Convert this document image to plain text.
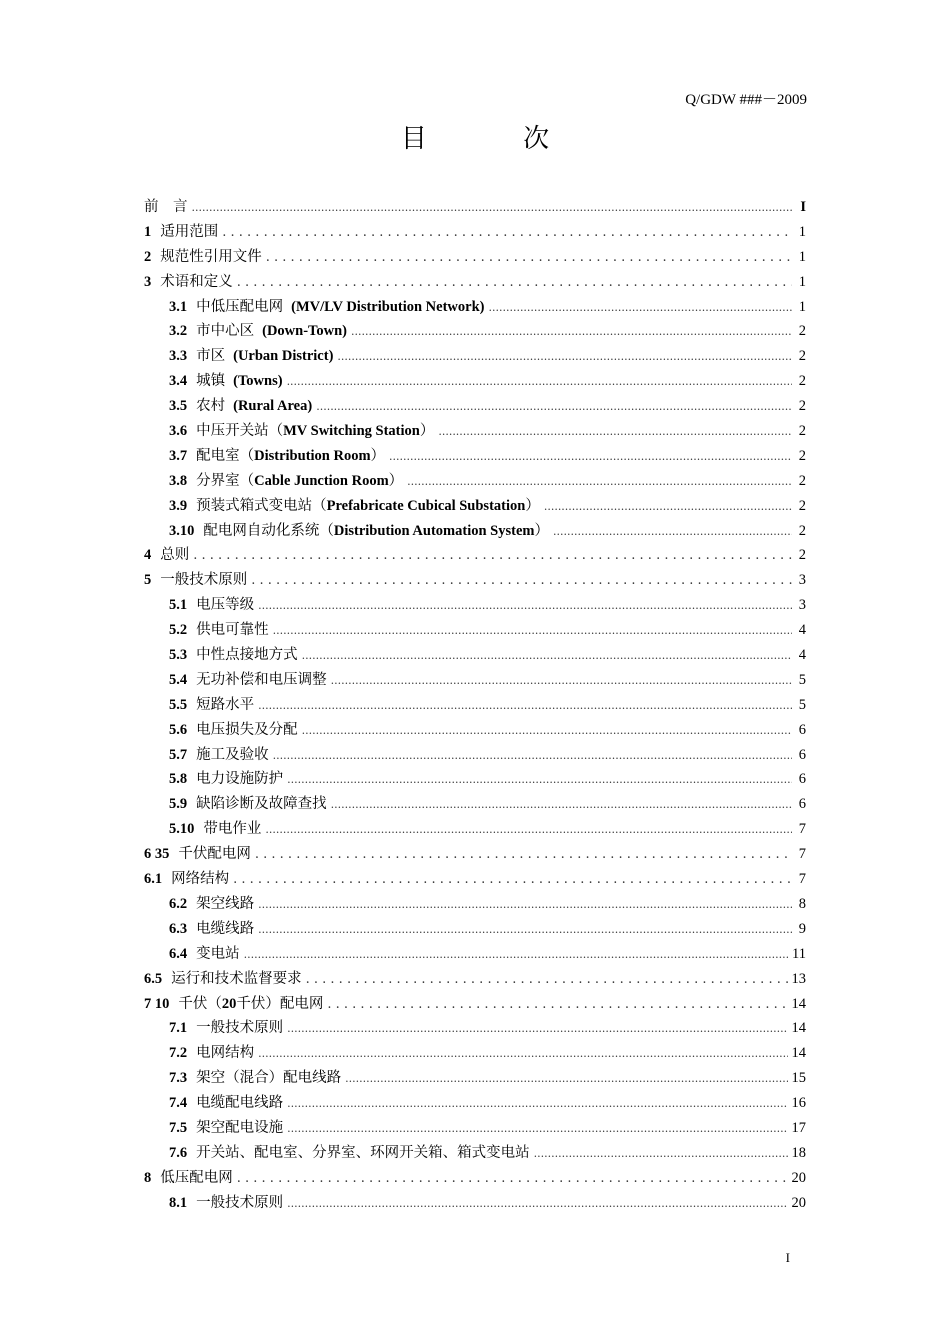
Q/GDW ###－2009
目 次
前　言 .....	I
1 适用范围 . . .	1
2 规范性引用文件 . . .	1
3 术语和定义 . . .	1
3.1 中低压配电网 (MV/LV Distribution Network) .....	1
3.2 市中心区 (Down-Town) .....	2
3.3 市区 (Urban District) .....	2
3.4 城镇 (Towns) .....	2
3.5 农村 (Rural Area) .....	2
3.6 中压开关站（MV Switching Station） .....	2
3.7 配电室（Distribution Room） .....	2
3.8 分界室（Cable Junction Room） .....	2
3.9 预装式箱式变电站（Prefabricate Cubical Substation） .....	2
3.10 配电网自动化系统（Distribution Automation System） .....	2
4 总则 . . .	2
5 一般技术原则 . . .	3
5.1 电压等级 .....	3
5.2 供电可靠性 .....	4
5.3 中性点接地方式 .....	4
5.4 无功补偿和电压调整 .....	5
5.5 短路水平 .....	5
5.6 电压损失及分配 .....	6
5.7 施工及验收 .....	6
5.8 电力设施防护 .....	6
5.9 缺陷诊断及故障查找 .....	6
5.10 带电作业 .....	7
6 35 千伏配电网 . . .	7
6.1 网络结构 . . .	7
6.2 架空线路 .....	8
6.3 电缆线路 .....	9
6.4 变电站 .....	11
6.5 运行和技术监督要求 . . .	13
7 10 千伏（20千伏）配电网 . . .	14
7.1 一般技术原则 .....	14
7.2 电网结构 .....	14
7.3 架空（混合）配电线路 .....	15
7.4 电缆配电线路 .....	16
7.5 架空配电设施 .....	17
7.6 开关站、配电室、分界室、环网开关箱、箱式变电站 .....	18
8 低压配电网 . . .	20
8.1 一般技术原则 .....	20
I
